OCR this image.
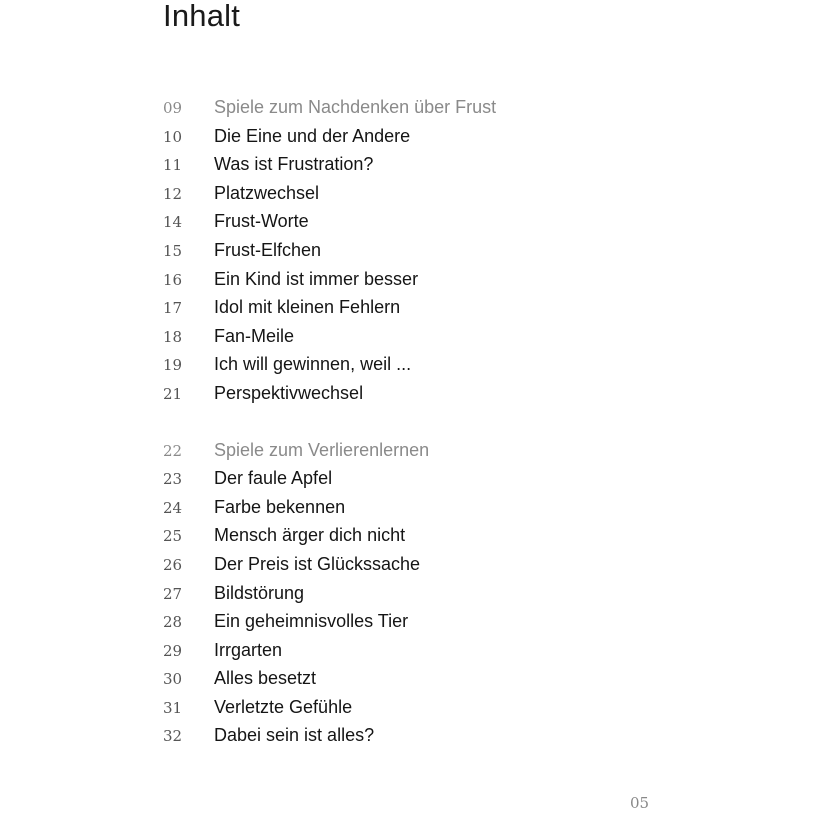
Inhalt
09	Spiele zum Nachdenken über Frust
10	Die Eine und der Andere
11	Was ist Frustration?
12	Platzwechsel
14	Frust-Worte
15	Frust-Elfchen
16	Ein Kind ist immer besser
17	Idol mit kleinen Fehlern
18	Fan-Meile
19	Ich will gewinnen, weil ...
21	Perspektivwechsel
22	Spiele zum Verlierenlernen
23	Der faule Apfel
24	Farbe bekennen
25	Mensch ärger dich nicht
26	Der Preis ist Glückssache
27	Bildstörung
28	Ein geheimnisvolles Tier
29	Irrgarten
30	Alles besetzt
31	Verletzte Gefühle
32	Dabei sein ist alles?
05
